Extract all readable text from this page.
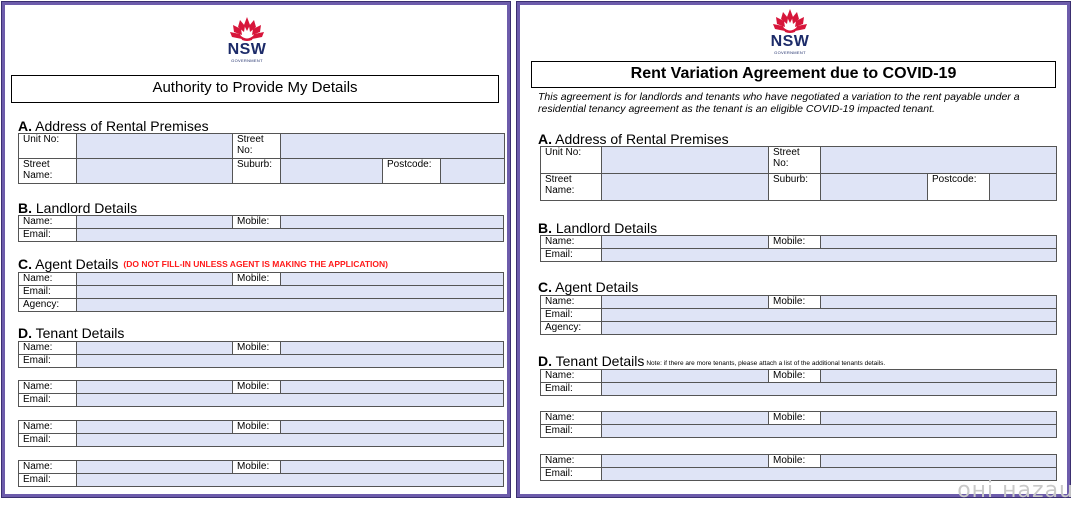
NSW
GOVERNMENT
Authority to Provide My Details
A. Address of Rental Premises
Unit No:		Street No:			
Street Name:		Suburb:		Postcode:	
B. Landlord Details
Name:		Mobile:	
Email:			
C. Agent Details (DO NOT FILL-IN UNLESS AGENT IS MAKING THE APPLICATION)
Name:		Mobile:	
Email:			
Agency:			
D. Tenant Details
Name:		Mobile:	
Email:			
Name:		Mobile:	
Email:			
Name:		Mobile:	
Email:			
Name:		Mobile:	
Email:			
NSW
GOVERNMENT
Rent Variation Agreement due to COVID-19
This agreement is for landlords and tenants who have negotiated a variation to the rent payable under a residential tenancy agreement as the tenant is an eligible COVID-19 impacted tenant.
A. Address of Rental Premises
Unit No:		Street No:			
Street Name:		Suburb:		Postcode:	
B. Landlord Details
Name:		Mobile:	
Email:			
C. Agent Details
Name:		Mobile:	
Email:			
Agency:			
D. Tenant Details Note: if there are more tenants, please attach a list of the additional tenants details.
Name:		Mobile:	
Email:			
Name:		Mobile:	
Email:			
Name:		Mobile:	
Email:			
оні наzаu
